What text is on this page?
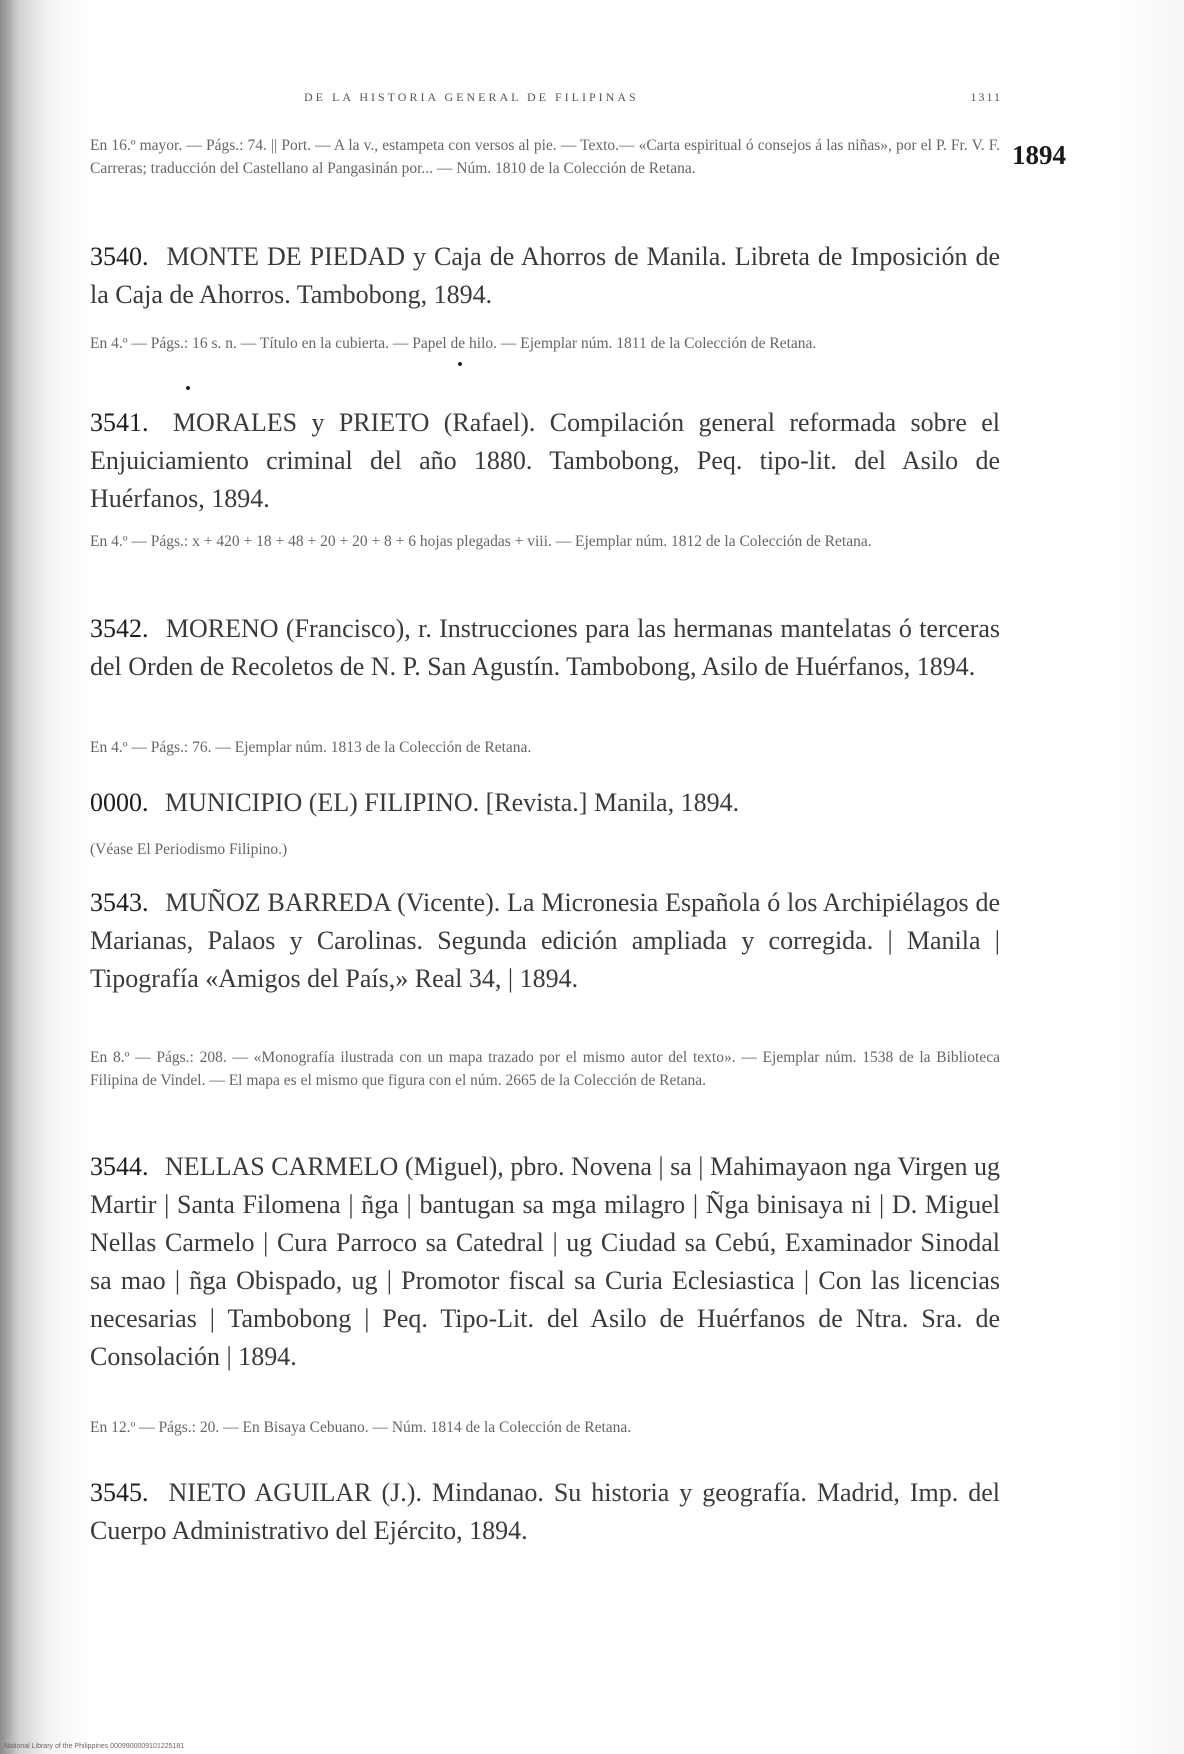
DE LA HISTORIA GENERAL DE FILIPINAS	1311
1894
En 16.º mayor. — Págs.: 74. || Port. — A la v., estampeta con versos al pie. — Texto.— «Carta espiritual ó consejos á las niñas», por el P. Fr. V. F. Carreras; traducción del Castellano al Pangasinán por... — Núm. 1810 de la Colección de Retana.
3540. MONTE DE PIEDAD y Caja de Ahorros de Manila. Libreta de Imposición de la Caja de Ahorros. Tambobong, 1894.
En 4.º — Págs.: 16 s. n. — Título en la cubierta. — Papel de hilo. — Ejemplar núm. 1811 de la Colección de Retana.
3541. MORALES y PRIETO (Rafael). Compilación general reformada sobre el Enjuiciamiento criminal del año 1880. Tambobong, Peq. tipo-lit. del Asilo de Huérfanos, 1894.
En 4.º — Págs.: x + 420 + 18 + 48 + 20 + 20 + 8 + 6 hojas plegadas + viii. — Ejemplar núm. 1812 de la Colección de Retana.
3542. MORENO (Francisco), r. Instrucciones para las hermanas mantelatas ó terceras del Orden de Recoletos de N. P. San Agustín. Tambobong, Asilo de Huérfanos, 1894.
En 4.º — Págs.: 76. — Ejemplar núm. 1813 de la Colección de Retana.
0000. MUNICIPIO (EL) FILIPINO. [Revista.] Manila, 1894.
(Véase El Periodismo Filipino.)
3543. MUÑOZ BARREDA (Vicente). La Micronesia Española ó los Archipiélagos de Marianas, Palaos y Carolinas. Segunda edición ampliada y corregida. | Manila | Tipografía «Amigos del País,» Real 34, | 1894.
En 8.º — Págs.: 208. — «Monografía ilustrada con un mapa trazado por el mismo autor del texto». — Ejemplar núm. 1538 de la Biblioteca Filipina de Vindel. — El mapa es el mismo que figura con el núm. 2665 de la Colección de Retana.
3544. NELLAS CARMELO (Miguel), pbro. Novena | sa | Mahimayaon nga Virgen ug Martir | Santa Filomena | ñga | bantugan sa mga milagro | Ñga binisaya ni | D. Miguel Nellas Carmelo | Cura Parroco sa Catedral | ug Ciudad sa Cebú, Examinador Sinodal sa mao | ñga Obispado, ug | Promotor fiscal sa Curia Eclesiastica | Con las licencias necesarias | Tambobong | Peq. Tipo-Lit. del Asilo de Huérfanos de Ntra. Sra. de Consolación | 1894.
En 12.º — Págs.: 20. — En Bisaya Cebuano. — Núm. 1814 de la Colección de Retana.
3545. NIETO AGUILAR (J.). Mindanao. Su historia y geografía. Madrid, Imp. del Cuerpo Administrativo del Ejército, 1894.
National Library of the Philippines 0009900009101225181
